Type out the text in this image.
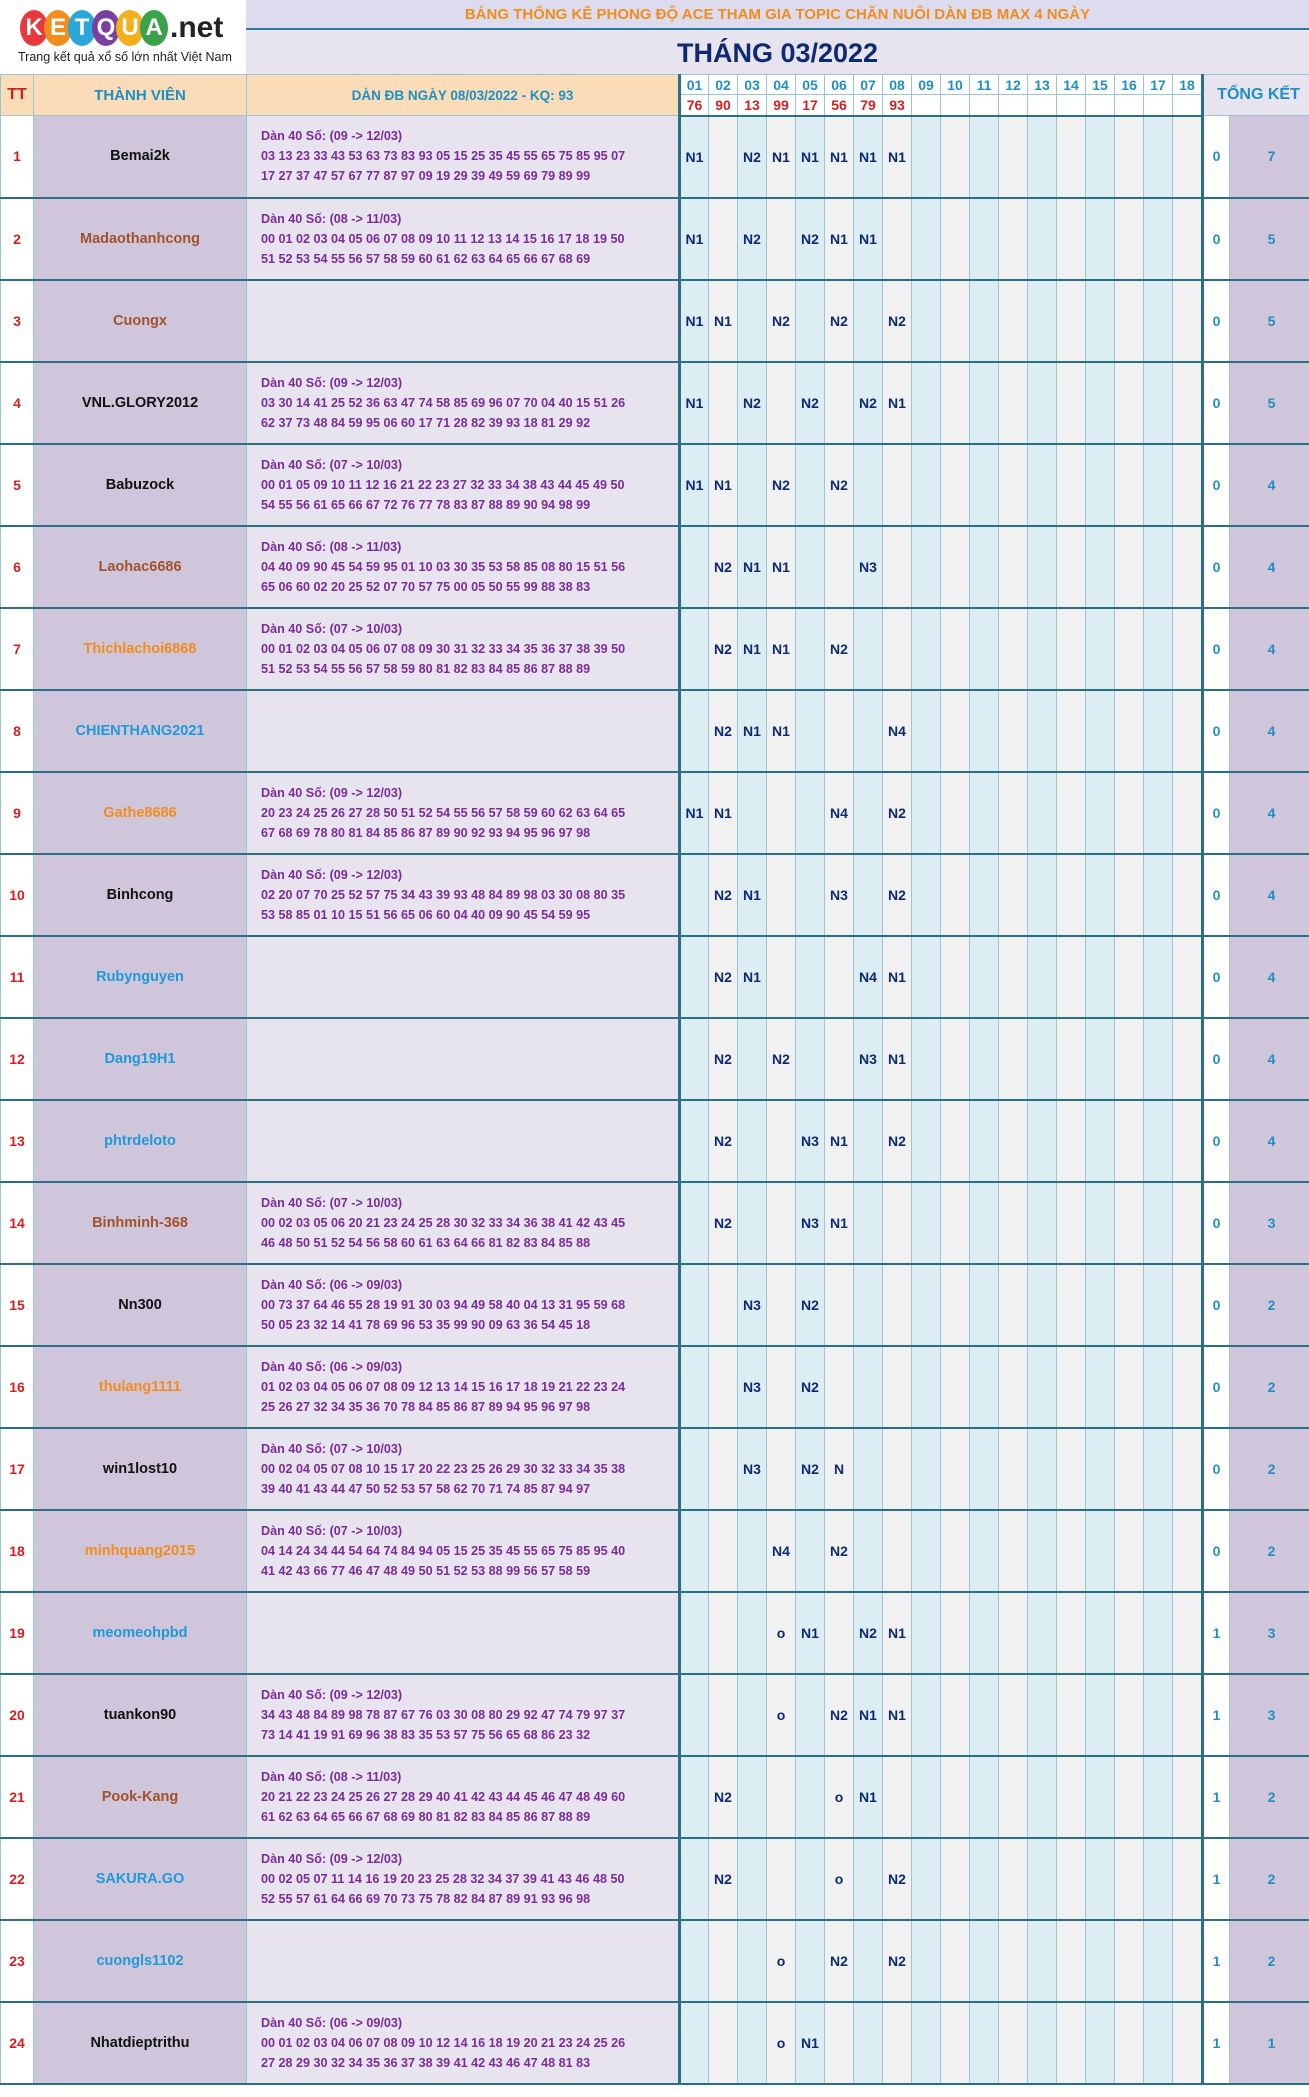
K E T Q U A .net
Trang kết quả xổ số lớn nhất Việt Nam
BẢNG THỐNG KÊ PHONG ĐỘ ACE THAM GIA TOPIC CHĂN NUÔI DÀN ĐB MAX 4 NGÀY
THÁNG 03/2022
TT	THÀNH VIÊN	DÀN ĐB NGÀY 08/03/2022 - KQ: 93	01	02	03	04	05	06	07	08	09	10	11	12	13	14	15	16	17	18	TỔNG KẾT	
			76	90	13	99	17	56	79	93												
1	Bemai2k	Dàn 40 Số: (09 -> 12/03)
03 13 23 33 43 53 63 73 83 93 05 15 25 35 45 55 65 75 85 95 07
17 27 37 47 57 67 77 87 97 09 19 29 39 49 59 69 79 89 99	N1		N2	N1	N1	N1	N1	N1											0	7
2	Madaothanhcong	Dàn 40 Số: (08 -> 11/03)
00 01 02 03 04 05 06 07 08 09 10 11 12 13 14 15 16 17 18 19 50
51 52 53 54 55 56 57 58 59 60 61 62 63 64 65 66 67 68 69	N1		N2		N2	N1	N1												0	5
3	Cuongx		N1	N1		N2		N2		N2											0	5
4	VNL.GLORY2012	Dàn 40 Số: (09 -> 12/03)
03 30 14 41 25 52 36 63 47 74 58 85 69 96 07 70 04 40 15 51 26
62 37 73 48 84 59 95 06 60 17 71 28 82 39 93 18 81 29 92	N1		N2		N2		N2	N1											0	5
5	Babuzock	Dàn 40 Số: (07 -> 10/03)
00 01 05 09 10 11 12 16 21 22 23 27 32 33 34 38 43 44 45 49 50
54 55 56 61 65 66 67 72 76 77 78 83 87 88 89 90 94 98 99	N1	N1		N2		N2													0	4
6	Laohac6686	Dàn 40 Số: (08 -> 11/03)
04 40 09 90 45 54 59 95 01 10 03 30 35 53 58 85 08 80 15 51 56
65 06 60 02 20 25 52 07 70 57 75 00 05 50 55 99 88 38 83		N2	N1	N1			N3												0	4
7	Thichlachoi6868	Dàn 40 Số: (07 -> 10/03)
00 01 02 03 04 05 06 07 08 09 30 31 32 33 34 35 36 37 38 39 50
51 52 53 54 55 56 57 58 59 80 81 82 83 84 85 86 87 88 89		N2	N1	N1		N2													0	4
8	CHIENTHANG2021			N2	N1	N1				N4											0	4
9	Gathe8686	Dàn 40 Số: (09 -> 12/03)
20 23 24 25 26 27 28 50 51 52 54 55 56 57 58 59 60 62 63 64 65
67 68 69 78 80 81 84 85 86 87 89 90 92 93 94 95 96 97 98	N1	N1				N4		N2											0	4
10	Binhcong	Dàn 40 Số: (09 -> 12/03)
02 20 07 70 25 52 57 75 34 43 39 93 48 84 89 98 03 30 08 80 35
53 58 85 01 10 15 51 56 65 06 60 04 40 09 90 45 54 59 95		N2	N1			N3		N2											0	4
11	Rubynguyen			N2	N1				N4	N1											0	4
12	Dang19H1			N2		N2			N3	N1											0	4
13	phtrdeloto			N2			N3	N1		N2											0	4
14	Binhminh-368	Dàn 40 Số: (07 -> 10/03)
00 02 03 05 06 20 21 23 24 25 28 30 32 33 34 36 38 41 42 43 45
46 48 50 51 52 54 56 58 60 61 63 64 66 81 82 83 84 85 88		N2			N3	N1													0	3
15	Nn300	Dàn 40 Số: (06 -> 09/03)
00 73 37 64 46 55 28 19 91 30 03 94 49 58 40 04 13 31 95 59 68
50 05 23 32 14 41 78 69 96 53 35 99 90 09 63 36 54 45 18			N3		N2														0	2
16	thulang1111	Dàn 40 Số: (06 -> 09/03)
01 02 03 04 05 06 07 08 09 12 13 14 15 16 17 18 19 21 22 23 24
25 26 27 32 34 35 36 70 78 84 85 86 87 89 94 95 96 97 98			N3		N2														0	2
17	win1lost10	Dàn 40 Số: (07 -> 10/03)
00 02 04 05 07 08 10 15 17 20 22 23 25 26 29 30 32 33 34 35 38
39 40 41 43 44 47 50 52 53 57 58 62 70 71 74 85 87 94 97			N3		N2	N													0	2
18	minhquang2015	Dàn 40 Số: (07 -> 10/03)
04 14 24 34 44 54 64 74 84 94 05 15 25 35 45 55 65 75 85 95 40
41 42 43 66 77 46 47 48 49 50 51 52 53 88 99 56 57 58 59				N4		N2													0	2
19	meomeohpbd					o	N1		N2	N1											1	3
20	tuankon90	Dàn 40 Số: (09 -> 12/03)
34 43 48 84 89 98 78 87 67 76 03 30 08 80 29 92 47 74 79 97 37
73 14 41 19 91 69 96 38 83 35 53 57 75 56 65 68 86 23 32				o		N2	N1	N1											1	3
21	Pook-Kang	Dàn 40 Số: (08 -> 11/03)
20 21 22 23 24 25 26 27 28 29 40 41 42 43 44 45 46 47 48 49 60
61 62 63 64 65 66 67 68 69 80 81 82 83 84 85 86 87 88 89		N2				o	N1												1	2
22	SAKURA.GO	Dàn 40 Số: (09 -> 12/03)
00 02 05 07 11 14 16 19 20 23 25 28 32 34 37 39 41 43 46 48 50
52 55 57 61 64 66 69 70 73 75 78 82 84 87 89 91 93 96 98		N2				o		N2											1	2
23	cuongls1102					o		N2		N2											1	2
24	Nhatdieptrithu	Dàn 40 Số: (06 -> 09/03)
00 01 02 03 04 06 07 08 09 10 12 14 16 18 19 20 21 23 24 25 26
27 28 29 30 32 34 35 36 37 38 39 41 42 43 46 47 48 81 83				o	N1														1	1
